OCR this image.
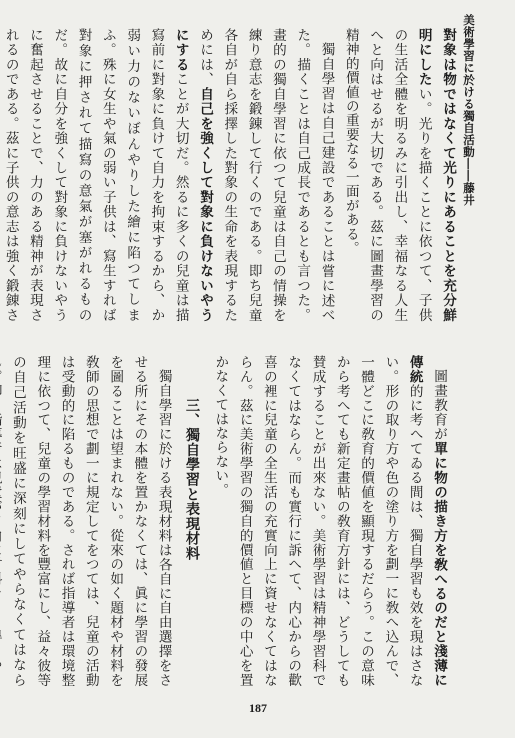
美術學習に於ける獨自活動――藤井

對象は物ではなくて光りにあることを充分鮮明にしたい。光りを描くことに依つて、子供の生活全體を明るみに引出し、幸福なる人生へと向はせるが大切である。茲に圖畫學習の精神的價値の重要なる一面がある。

獨自學習は自己建設であることは嘗に述べた。描くことは自己成長であるとも言つた。畫的の獨自學習に依つて兒童は自己の情操を練り意志を鍛錬して行くのである。即ち兒童各自が自ら採擇した對象の生命を表現するためには、自己を強くして對象に負けないやうにすることが大切だ。然るに多くの兒童は描寫前に對象に負けて自力を拘束するから、か弱い力のないぼんやりした繪に陷つてしまふ。殊に女生や氣の弱い子供は、寫生すれば對象に押されて描寫の意氣が塞がれるものだ。故に自分を強くして對象に負けないやうに奮起させることで、力のある精神が表現されるのである。茲に子供の意志は強く鍛錬さ

圖畫教育が單に物の描き方を敎へるのだと淺薄に傳統的に考へてゐる間は、獨自學習も效を現はさない。形の取り方や色の塗り方を劃一に敎へ込んで、一體どこに敎育的價値を顯現するだらう。この意味から考へても新定畫帖の敎育方針には、どうしても賛成することが出來ない。美術學習は精神學習科でなくてはならん。而も實行に訴へて、内心からの歡喜の裡に兒童の全生活の充實向上に資せなくてはならん。茲に美術學習の獨自的價値と目標の中心を置かなくてはならない。

三、獨自學習と表現材料

獨自學習に於ける表現材料は各自に自由選擇をさせる所にその本體を置かなくては、眞に學習の發展を圖ることは望まれない。從來の如く題材や材料を敎師の思想で劃一に規定してをつては、兒童の活動は受動的に陷るものである。されば指導者は環境整理に依つて、兒童の學習材料を豐富にし、益々彼等の自己活動を旺盛に深刻にしてやらなくてはなら

187
